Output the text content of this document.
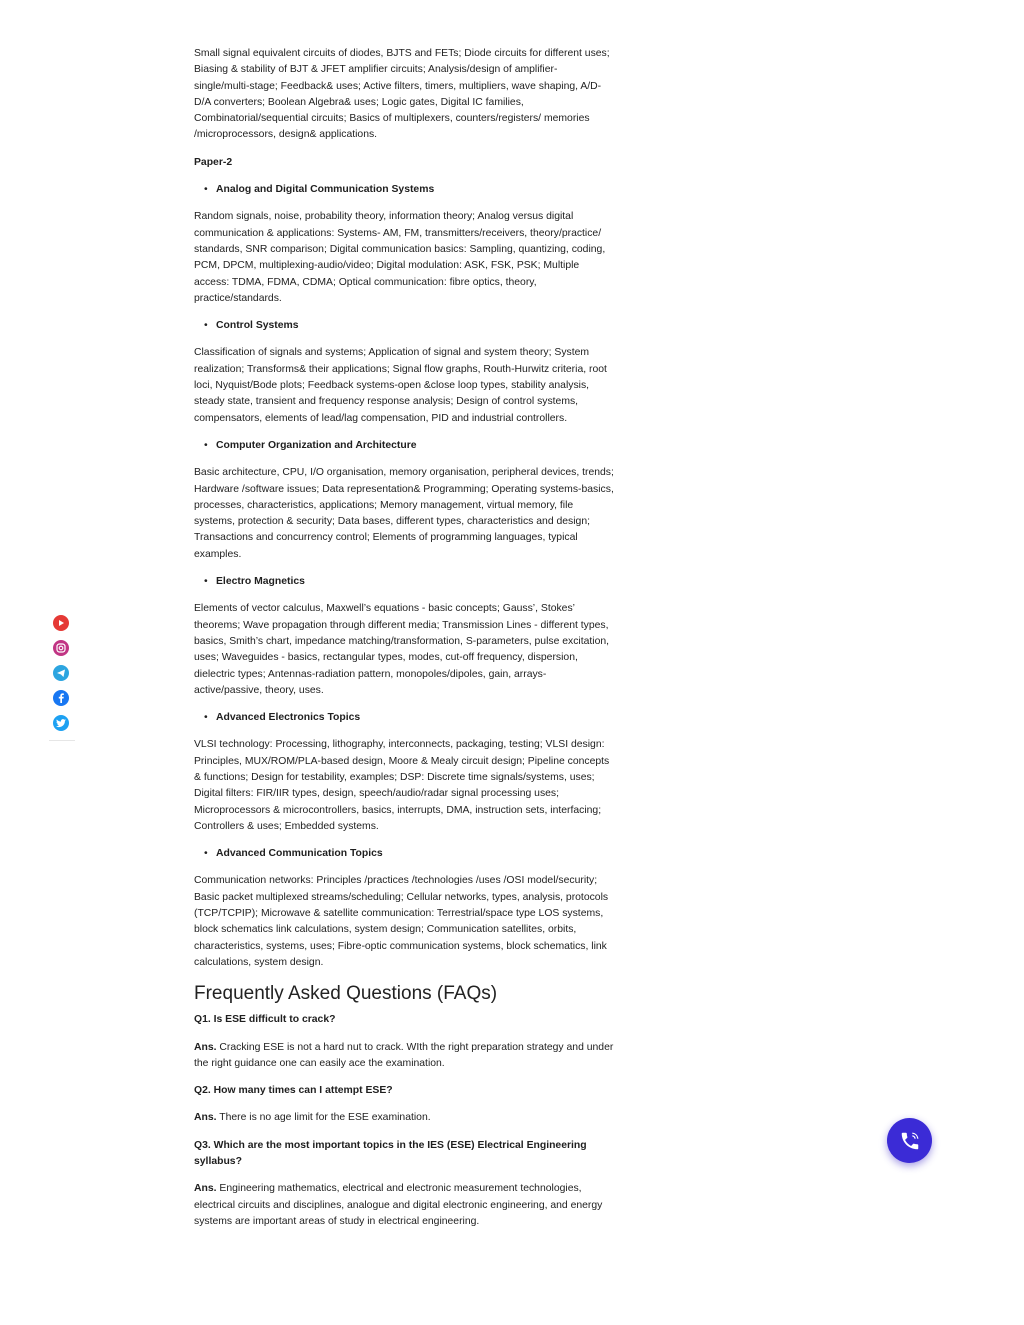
Small signal equivalent circuits of diodes, BJTS and FETs; Diode circuits for different uses; Biasing & stability of BJT & JFET amplifier circuits; Analysis/design of amplifier- single/multi-stage; Feedback& uses; Active filters, timers, multipliers, wave shaping, A/D-D/A converters; Boolean Algebra& uses; Logic gates, Digital IC families, Combinatorial/sequential circuits; Basics of multiplexers, counters/registers/ memories /microprocessors, design& applications.

Paper-2
• Analog and Digital Communication Systems

Random signals, noise, probability theory, information theory; Analog versus digital communication & applications: Systems- AM, FM, transmitters/receivers, theory/practice/ standards, SNR comparison; Digital communication basics: Sampling, quantizing, coding, PCM, DPCM, multiplexing-audio/video; Digital modulation: ASK, FSK, PSK; Multiple access: TDMA, FDMA, CDMA; Optical communication: fibre optics, theory, practice/standards.

• Control Systems

Classification of signals and systems; Application of signal and system theory; System realization; Transforms& their applications; Signal flow graphs, Routh-Hurwitz criteria, root loci, Nyquist/Bode plots; Feedback systems-open &close loop types, stability analysis, steady state, transient and frequency response analysis; Design of control systems, compensators, elements of lead/lag compensation, PID and industrial controllers.

• Computer Organization and Architecture

Basic architecture, CPU, I/O organisation, memory organisation, peripheral devices, trends; Hardware /software issues; Data representation& Programming; Operating systems-basics, processes, characteristics, applications; Memory management, virtual memory, file systems, protection & security; Data bases, different types, characteristics and design; Transactions and concurrency control; Elements of programming languages, typical examples.

• Electro Magnetics

Elements of vector calculus, Maxwell’s equations - basic concepts; Gauss’, Stokes’ theorems; Wave propagation through different media; Transmission Lines - different types, basics, Smith’s chart, impedance matching/transformation, S-parameters, pulse excitation, uses; Waveguides - basics, rectangular types, modes, cut-off frequency, dispersion, dielectric types; Antennas-radiation pattern, monopoles/dipoles, gain, arrays-active/passive, theory, uses.

• Advanced Electronics Topics

VLSI technology: Processing, lithography, interconnects, packaging, testing; VLSI design: Principles, MUX/ROM/PLA-based design, Moore & Mealy circuit design; Pipeline concepts & functions; Design for testability, examples; DSP: Discrete time signals/systems, uses; Digital filters: FIR/IIR types, design, speech/audio/radar signal processing uses; Microprocessors & microcontrollers, basics, interrupts, DMA, instruction sets, interfacing; Controllers & uses; Embedded systems.

• Advanced Communication Topics

Communication networks: Principles /practices /technologies /uses /OSI model/security; Basic packet multiplexed streams/scheduling; Cellular networks, types, analysis, protocols (TCP/TCPIP); Microwave & satellite communication: Terrestrial/space type LOS systems, block schematics link calculations, system design; Communication satellites, orbits, characteristics, systems, uses; Fibre-optic communication systems, block schematics, link calculations, system design.

Frequently Asked Questions (FAQs)
Q1. Is ESE difficult to crack?

Ans. Cracking ESE is not a hard nut to crack. WIth the right preparation strategy and under the right guidance one can easily ace the examination.

Q2. How many times can I attempt ESE?

Ans. There is no age limit for the ESE examination.

Q3. Which are the most important topics in the IES (ESE) Electrical Engineering syllabus?

Ans. Engineering mathematics, electrical and electronic measurement technologies, electrical circuits and disciplines, analogue and digital electronic engineering, and energy systems are important areas of study in electrical engineering.
